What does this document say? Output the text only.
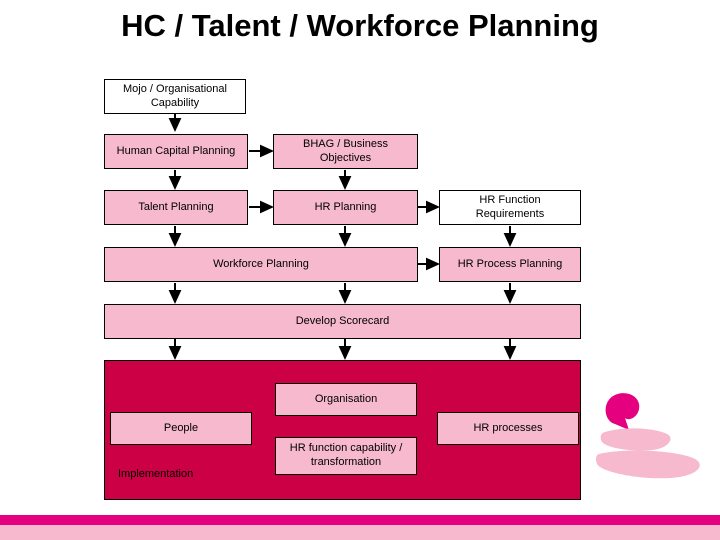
HC / Talent / Workforce Planning
Mojo / Organisational Capability
Human Capital Planning
BHAG / Business Objectives
Talent Planning	HR Planning
HR Function Requirements
Workforce Planning	HR Process Planning
Develop Scorecard
Implementation
Organisation
People	HR processes
HR function capability / transformation
